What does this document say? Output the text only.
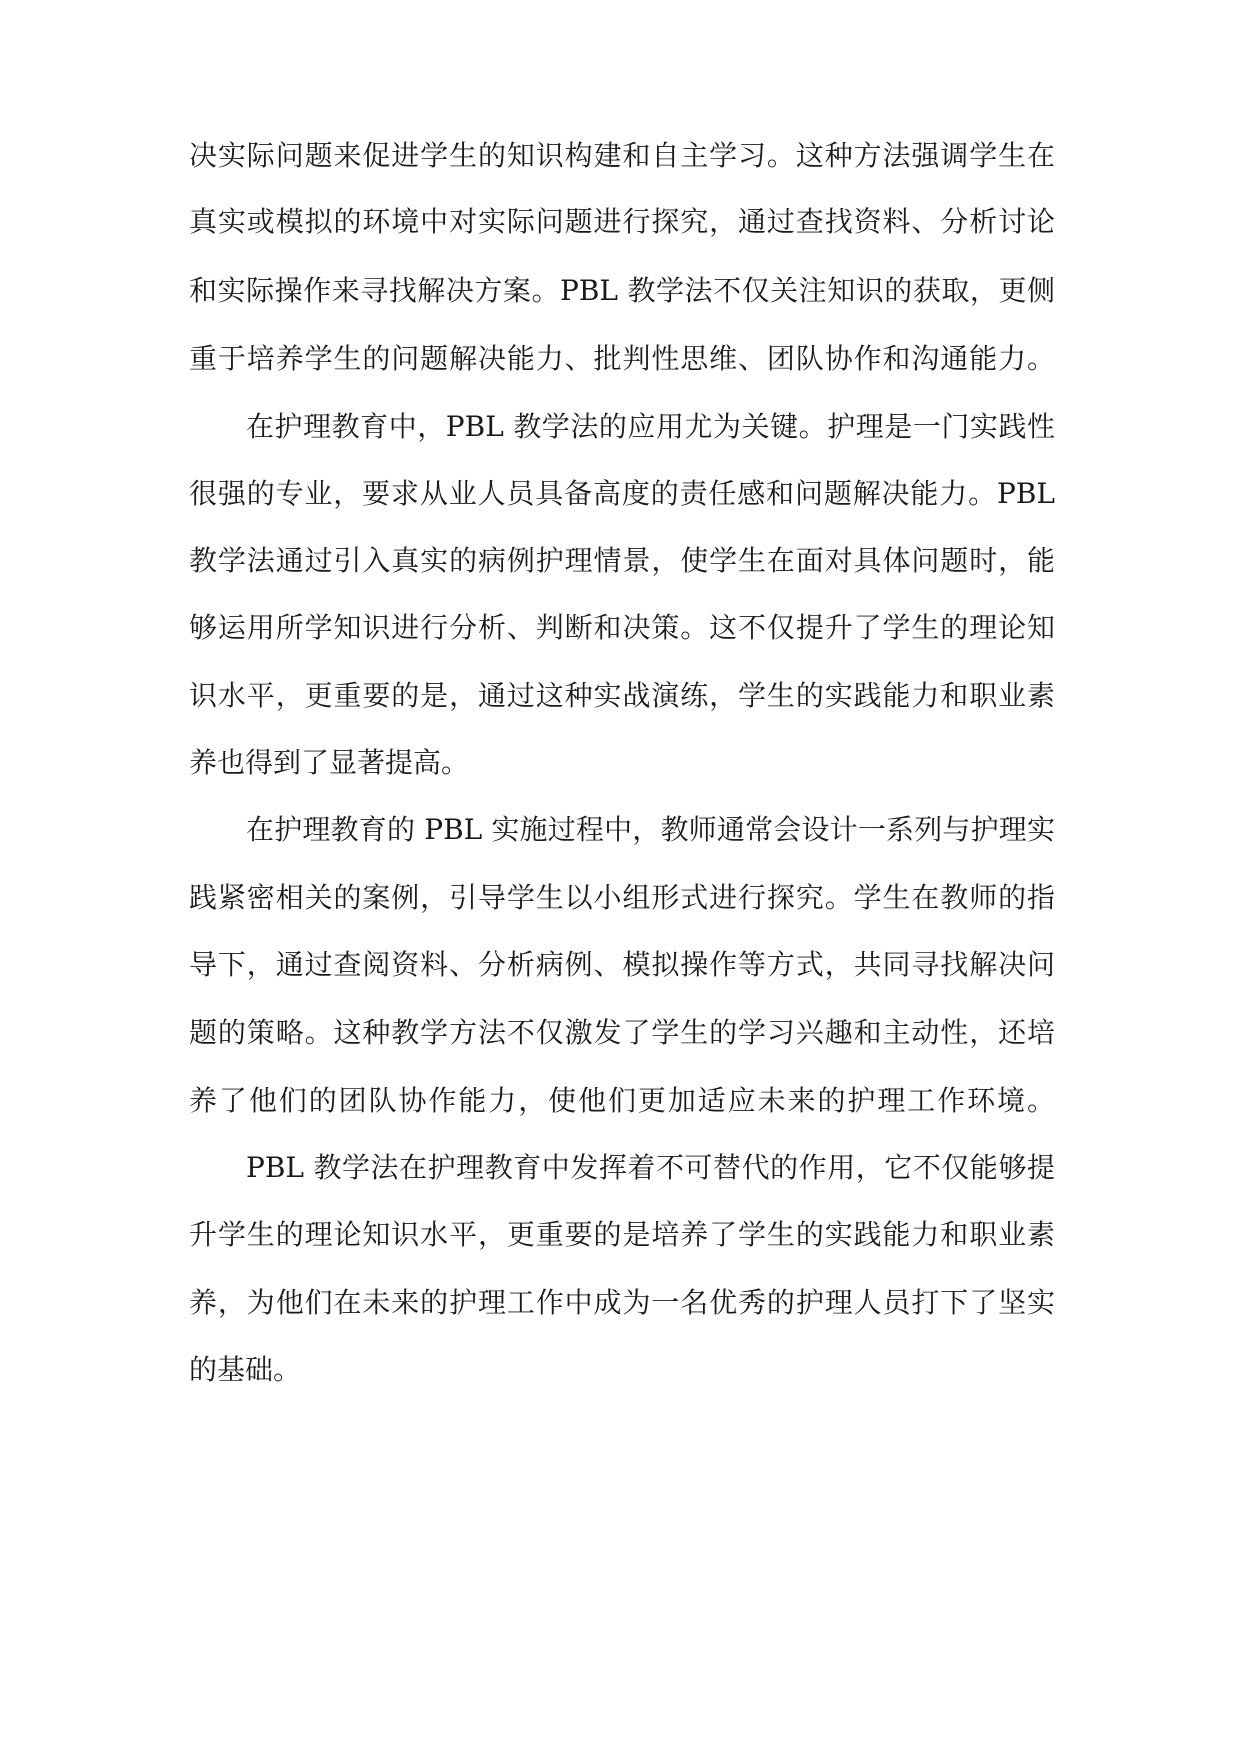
决实际问题来促进学生的知识构建和自主学习。这种方法强调学生在
真实或模拟的环境中对实际问题进行探究，通过查找资料、分析讨论
和实际操作来寻找解决方案。PBL 教学法不仅关注知识的获取，更侧
重于培养学生的问题解决能力、批判性思维、团队协作和沟通能力。
在护理教育中，PBL 教学法的应用尤为关键。护理是一门实践性
很强的专业，要求从业人员具备高度的责任感和问题解决能力。PBL
教学法通过引入真实的病例护理情景，使学生在面对具体问题时，能
够运用所学知识进行分析、判断和决策。这不仅提升了学生的理论知
识水平，更重要的是，通过这种实战演练，学生的实践能力和职业素
养也得到了显著提高。
在护理教育的 PBL 实施过程中，教师通常会设计一系列与护理实
践紧密相关的案例，引导学生以小组形式进行探究。学生在教师的指
导下，通过查阅资料、分析病例、模拟操作等方式，共同寻找解决问
题的策略。这种教学方法不仅激发了学生的学习兴趣和主动性，还培
养了他们的团队协作能力，使他们更加适应未来的护理工作环境。
PBL 教学法在护理教育中发挥着不可替代的作用，它不仅能够提
升学生的理论知识水平，更重要的是培养了学生的实践能力和职业素
养，为他们在未来的护理工作中成为一名优秀的护理人员打下了坚实
的基础。
